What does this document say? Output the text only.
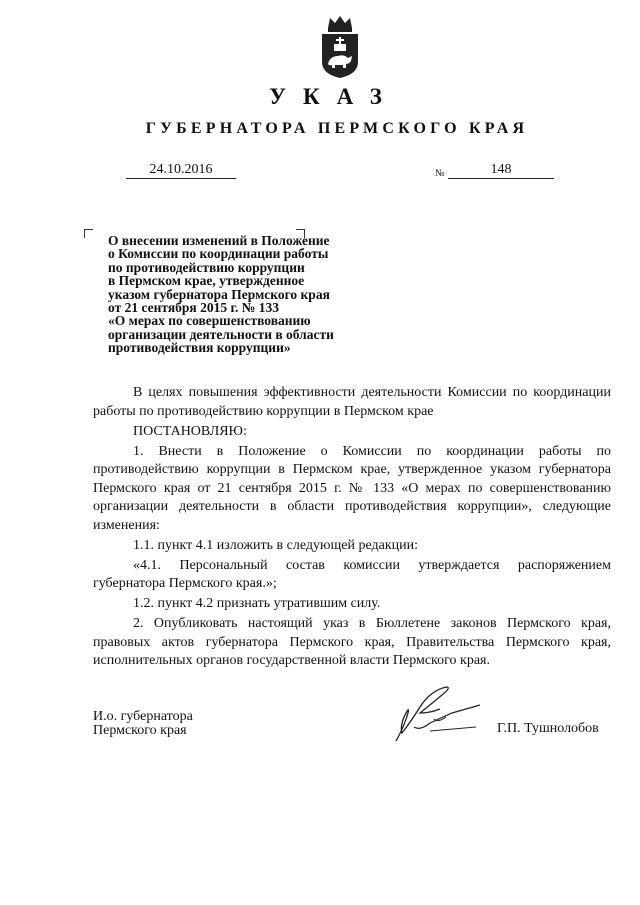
УКАЗ
ГУБЕРНАТОРА ПЕРМСКОГО КРАЯ
24.10.2016	№	148
О внесении изменений в Положение
о Комиссии по координации работы
по противодействию коррупции
в Пермском крае, утвержденное
указом губернатора Пермского края
от 21 сентября 2015 г. № 133
«О мерах по совершенствованию
организации деятельности в области
противодействия коррупции»

В целях повышения эффективности деятельности Комиссии по координации работы по противодействию коррупции в Пермском крае

ПОСТАНОВЛЯЮ:

1. Внести в Положение о Комиссии по координации работы по противодействию коррупции в Пермском крае, утвержденное указом губернатора Пермского края от 21 сентября 2015 г. № 133 «О мерах по совершенствованию организации деятельности в области противодействия коррупции», следующие изменения:

1.1. пункт 4.1 изложить в следующей редакции:

«4.1. Персональный состав комиссии утверждается распоряжением губернатора Пермского края.»;

1.2. пункт 4.2 признать утратившим силу.

2. Опубликовать настоящий указ в Бюллетене законов Пермского края, правовых актов губернатора Пермского края, Правительства Пермского края, исполнительных органов государственной власти Пермского края.

И.о. губернатора
Пермского края	Г.П. Тушнолобов
